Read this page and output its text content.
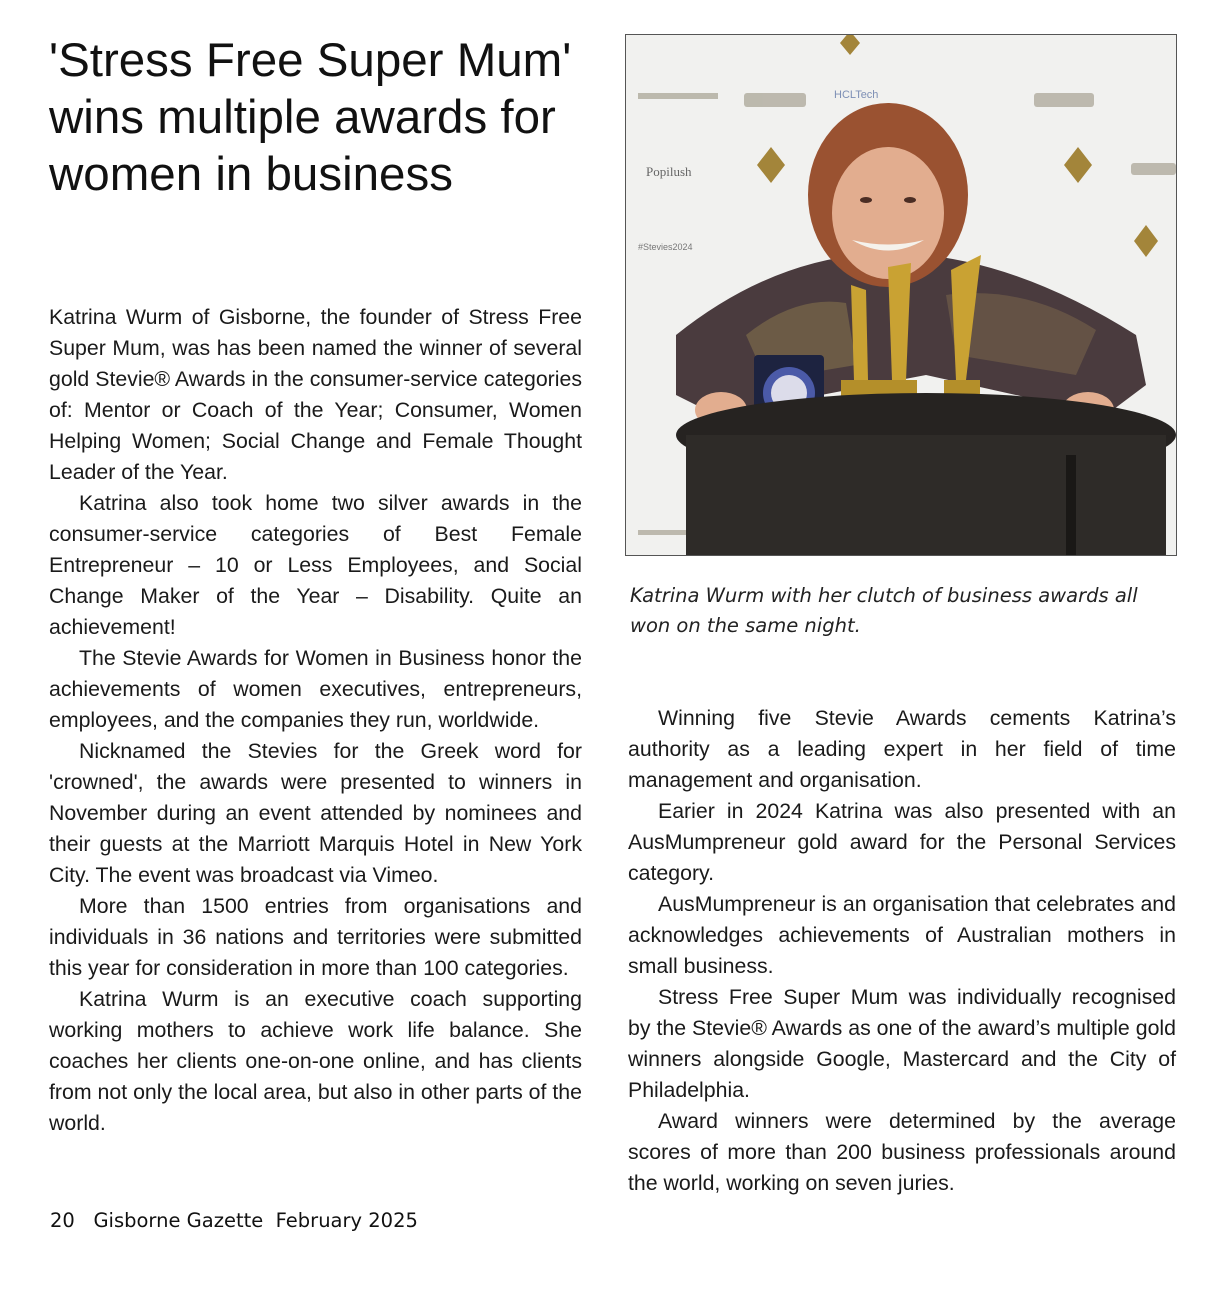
'Stress Free Super Mum' wins multiple awards for women in business

Katrina Wurm of Gisborne, the founder of Stress Free Super Mum, was has been named the winner of several gold Stevie® Awards in the consumer-service categories of: Mentor or Coach of the Year; Consumer, Women Helping Women; Social Change and Female Thought Leader of the Year.

Katrina also took home two silver awards in the consumer-service categories of Best Female Entrepreneur – 10 or Less Employees, and Social Change Maker of the Year – Disability. Quite an achievement!

The Stevie Awards for Women in Business honor the achievements of women executives, entrepreneurs, employees, and the companies they run, worldwide.

Nicknamed the Stevies for the Greek word for 'crowned', the awards were presented to winners in November during an event attended by nominees and their guests at the Marriott Marquis Hotel in New York City. The event was broadcast via Vimeo.

More than 1500 entries from organisations and individuals in 36 nations and territories were submitted this year for consideration in more than 100 categories.

Katrina Wurm is an executive coach supporting working mothers to achieve work life balance. She coaches her clients one-on-one online, and has clients from not only the local area, but also in other parts of the world.

Popilush
HCLTech
#Stevies2024

Katrina Wurm with her clutch of business awards all won on the same night.

Winning five Stevie Awards cements Katrina’s authority as a leading expert in her field of time management and organisation.

Earier in 2024 Katrina was also presented with an AusMumpreneur gold award for the Personal Services category.

AusMumpreneur is an organisation that celebrates and acknowledges achievements of Australian mothers in small business.

Stress Free Super Mum was individually recognised by the Stevie® Awards as one of the award’s multiple gold winners alongside Google, Mastercard and the City of Philadelphia.

Award winners were determined by the average scores of more than 200 business professionals around the world, working on seven juries.

20 Gisborne Gazette February 2025
